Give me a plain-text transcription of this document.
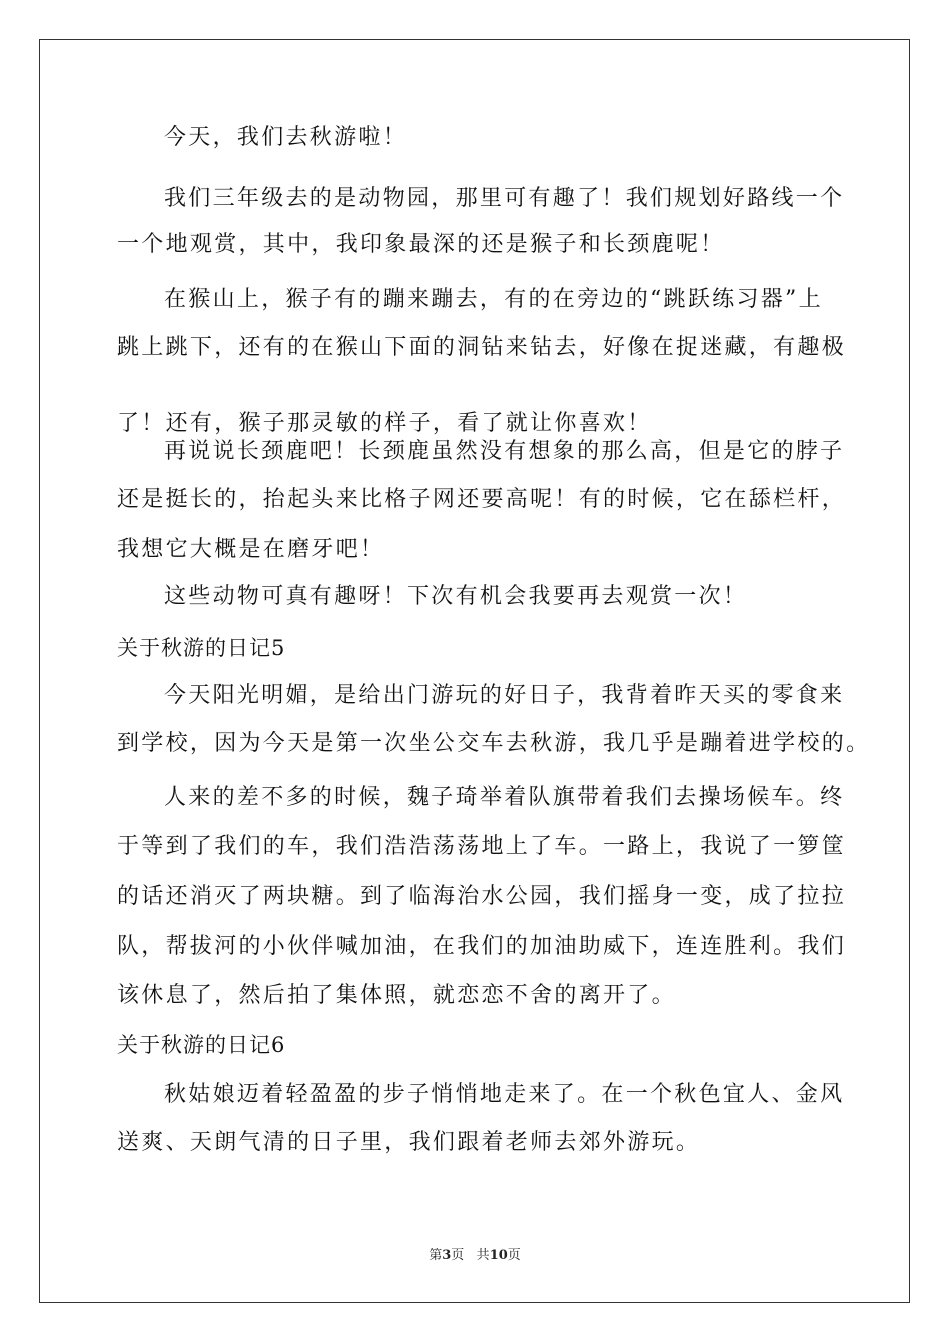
今天，我们去秋游啦！
我们三年级去的是动物园，那里可有趣了！我们规划好路线一个
一个地观赏，其中，我印象最深的还是猴子和长颈鹿呢！
在猴山上，猴子有的蹦来蹦去，有的在旁边的“跳跃练习器”上
跳上跳下，还有的在猴山下面的洞钻来钻去，好像在捉迷藏，有趣极
了！还有，猴子那灵敏的样子，看了就让你喜欢！
再说说长颈鹿吧！长颈鹿虽然没有想象的那么高，但是它的脖子
还是挺长的，抬起头来比格子网还要高呢！有的时候，它在舔栏杆，
我想它大概是在磨牙吧！
这些动物可真有趣呀！下次有机会我要再去观赏一次！
关于秋游的日记5
今天阳光明媚，是给出门游玩的好日子，我背着昨天买的零食来
到学校，因为今天是第一次坐公交车去秋游，我几乎是蹦着进学校的。
人来的差不多的时候，魏子琦举着队旗带着我们去操场候车。终
于等到了我们的车，我们浩浩荡荡地上了车。一路上，我说了一箩筐
的话还消灭了两块糖。到了临海治水公园，我们摇身一变，成了拉拉
队，帮拔河的小伙伴喊加油，在我们的加油助威下，连连胜利。我们
该休息了，然后拍了集体照，就恋恋不舍的离开了。
关于秋游的日记6
秋姑娘迈着轻盈盈的步子悄悄地走来了。在一个秋色宜人、金风
送爽、天朗气清的日子里，我们跟着老师去郊外游玩。
第3页 共10页
